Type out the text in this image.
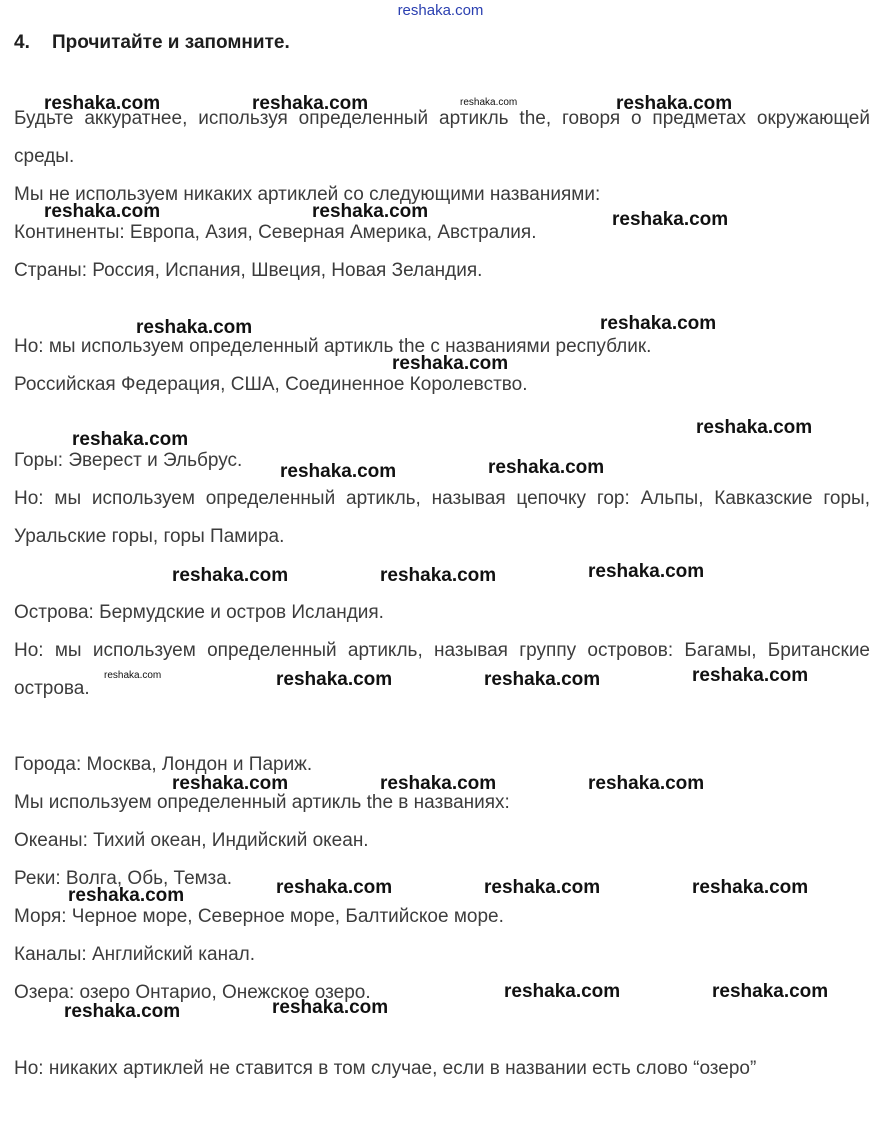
reshaka.com
4. Прочитайте и запомните.

Будьте аккуратнее, используя определенный артикль the, говоря о предметах окружающей среды.

Мы не используем никаких артиклей со следующими названиями:

Континенты: Европа, Азия, Северная Америка, Австралия.

Страны: Россия, Испания, Швеция, Новая Зеландия.

Но: мы используем определенный артикль the с названиями республик.

Российская Федерация, США, Соединенное Королевство.

Горы: Эверест и Эльбрус.

Но: мы используем определенный артикль, называя цепочку гор: Альпы, Кавказские горы, Уральские горы, горы Памира.

Острова: Бермудские и остров Исландия.

Но: мы используем определенный артикль, называя группу островов: Багамы, Британские острова.

Города: Москва, Лондон и Париж.

Мы используем определенный артикль the в названиях:

Океаны: Тихий океан, Индийский океан.

Реки: Волга, Обь, Темза.

Моря: Черное море, Северное море, Балтийское море.

Каналы: Английский канал.

Озера: озеро Онтарио, Онежское озеро.

Но: никаких артиклей не ставится в том случае, если в названии есть слово “озеро”

reshaka.com	reshaka.com	reshaka.com	reshaka.com
reshaka.com	reshaka.com	reshaka.com
reshaka.com	reshaka.com
reshaka.com
reshaka.com
reshaka.com
reshaka.com	reshaka.com
reshaka.com	reshaka.com	reshaka.com
reshaka.com	reshaka.com	reshaka.com	reshaka.com
reshaka.com	reshaka.com	reshaka.com
reshaka.com	reshaka.com	reshaka.com	reshaka.com
reshaka.com	reshaka.com
reshaka.com	reshaka.com
